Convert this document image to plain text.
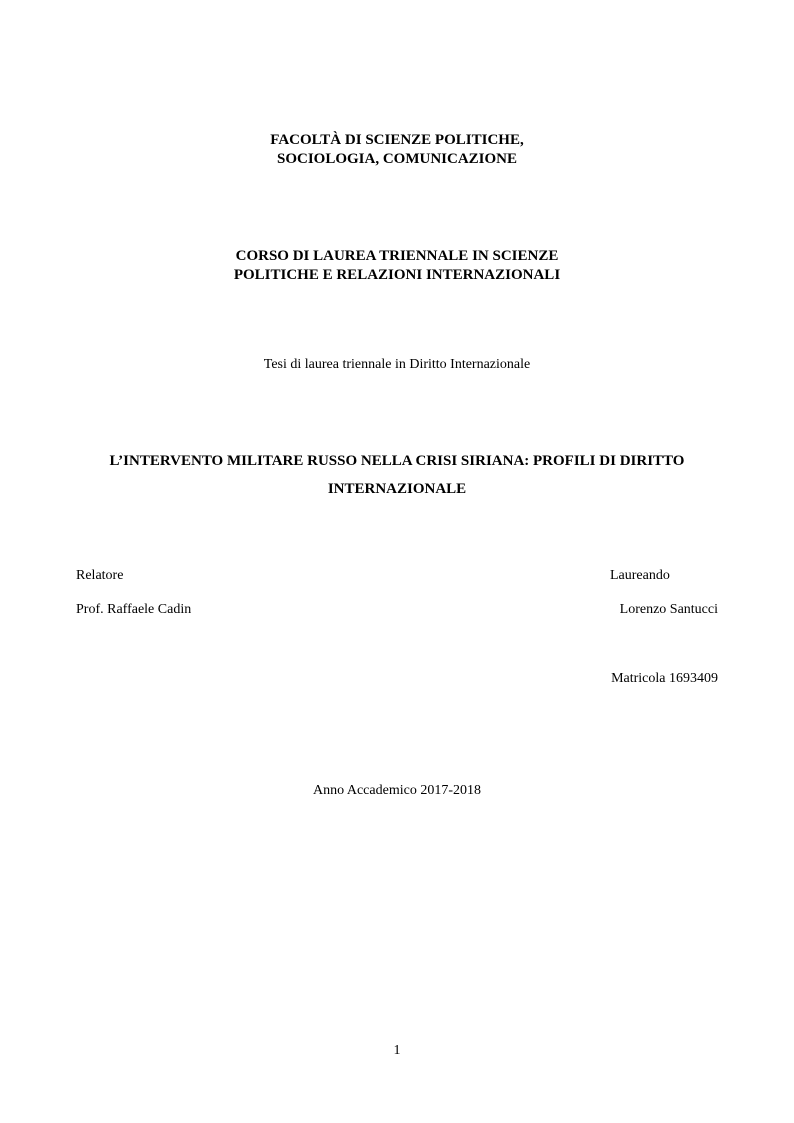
FACOLTÀ DI SCIENZE POLITICHE,
SOCIOLOGIA, COMUNICAZIONE
CORSO DI LAUREA TRIENNALE IN SCIENZE
POLITICHE E RELAZIONI INTERNAZIONALI
Tesi di laurea triennale in Diritto Internazionale
L’INTERVENTO MILITARE RUSSO NELLA CRISI SIRIANA: PROFILI DI DIRITTO
INTERNAZIONALE
Relatore	Laureando
Prof. Raffaele Cadin	Lorenzo Santucci
Matricola 1693409
Anno Accademico 2017-2018
1
